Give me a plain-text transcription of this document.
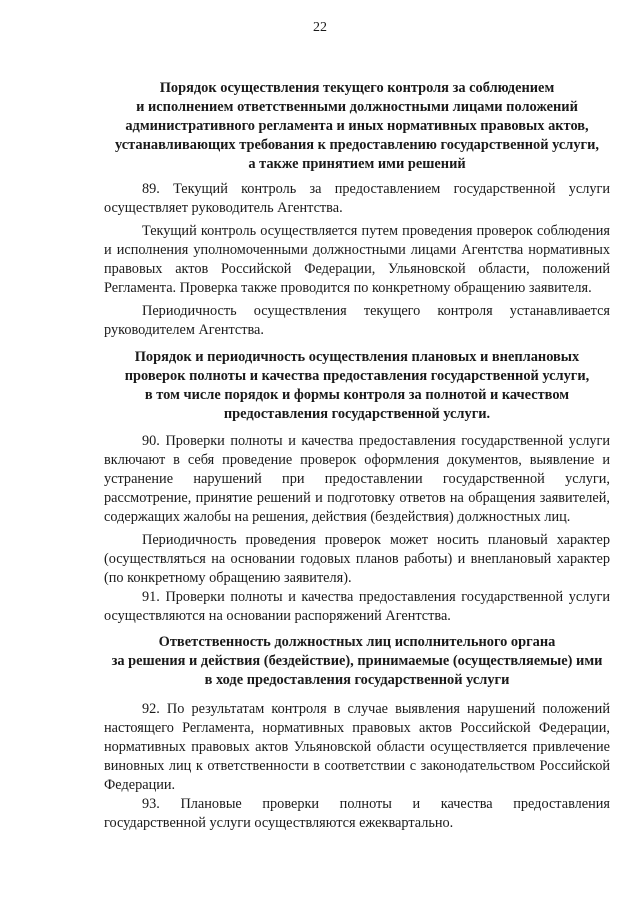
22
Порядок осуществления текущего контроля за соблюдением
и исполнением ответственными должностными лицами положений
административного регламента и иных нормативных правовых актов,
устанавливающих требования к предоставлению государственной услуги,
а также принятием ими решений

89. Текущий контроль за предоставлением государственной услуги осуществляет руководитель Агентства.

Текущий контроль осуществляется путем проведения проверок соблюдения и исполнения уполномоченными должностными лицами Агентства нормативных правовых актов Российской Федерации, Ульяновской области, положений Регламента. Проверка также проводится по конкретному обращению заявителя.

Периодичность осуществления текущего контроля устанавливается руководителем Агентства.

Порядок и периодичность осуществления плановых и внеплановых
проверок полноты и качества предоставления государственной услуги,
в том числе порядок и формы контроля за полнотой и качеством
предоставления государственной услуги.

90. Проверки полноты и качества предоставления государственной услуги включают в себя проведение проверок оформления документов, выявление и устранение нарушений при предоставлении государственной услуги, рассмотрение, принятие решений и подготовку ответов на обращения заявителей, содержащих жалобы на решения, действия (бездействия) должностных лиц.

Периодичность проведения проверок может носить плановый характер (осуществляться на основании годовых планов работы) и внеплановый характер (по конкретному обращению заявителя).

91. Проверки полноты и качества предоставления государственной услуги осуществляются на основании распоряжений Агентства.

Ответственность должностных лиц исполнительного органа
за решения и действия (бездействие), принимаемые (осуществляемые) ими
в ходе предоставления государственной услуги

92. По результатам контроля в случае выявления нарушений положений настоящего Регламента, нормативных правовых актов Российской Федерации, нормативных правовых актов Ульяновской области осуществляется привлечение виновных лиц к ответственности в соответствии с законодательством Российской Федерации.

93. Плановые проверки полноты и качества предоставления государственной услуги осуществляются ежеквартально.
